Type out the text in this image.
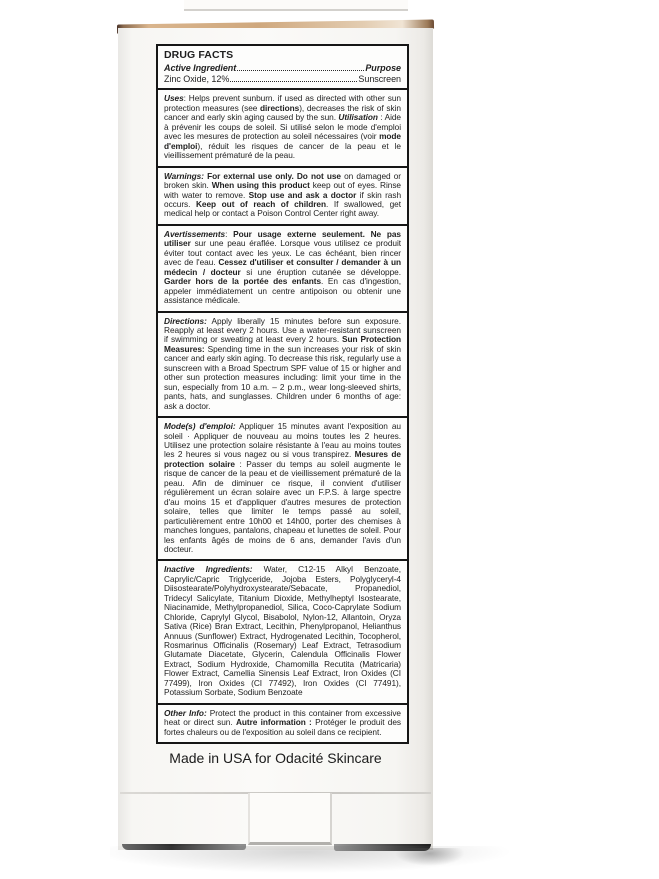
DRUG FACTS
Active Ingredient	Purpose
Zinc Oxide, 12%	Sunscreen
Uses: Helps prevent sunburn. if used as directed with other sun protection measures (see directions), decreases the risk of skin cancer and early skin aging caused by the sun. Utilisation : Aide à prévenir les coups de soleil. Si utilisé selon le mode d'emploi avec les mesures de protection au soleil nécessaires (voir mode d'emploi), réduit les risques de cancer de la peau et le vieillissement prématuré de la peau.
Warnings: For external use only. Do not use on damaged or broken skin. When using this product keep out of eyes. Rinse with water to remove. Stop use and ask a doctor if skin rash occurs. Keep out of reach of children. If swallowed, get medical help or contact a Poison Control Center right away.
Avertissements: Pour usage externe seulement. Ne pas utiliser sur une peau éraflée. Lorsque vous utilisez ce produit éviter tout contact avec les yeux. Le cas échéant, bien rincer avec de l'eau. Cessez d'utiliser et consulter / demander à un médecin / docteur si une éruption cutanée se développe. Garder hors de la portée des enfants. En cas d'ingestion, appeler immédiatement un centre antipoison ou obtenir une assistance médicale.
Directions: Apply liberally 15 minutes before sun exposure. Reapply at least every 2 hours. Use a water-resistant sunscreen if swimming or sweating at least every 2 hours. Sun Protection Measures: Spending time in the sun increases your risk of skin cancer and early skin aging. To decrease this risk, regularly use a sunscreen with a Broad Spectrum SPF value of 15 or higher and other sun protection measures including: limit your time in the sun, especially from 10 a.m. – 2 p.m., wear long-sleeved shirts, pants, hats, and sunglasses. Children under 6 months of age: ask a doctor.
Mode(s) d'emploi: Appliquer 15 minutes avant l'exposition au soleil · Appliquer de nouveau au moins toutes les 2 heures. Utilisez une protection solaire résistante à l'eau au moins toutes les 2 heures si vous nagez ou si vous transpirez. Mesures de protection solaire : Passer du temps au soleil augmente le risque de cancer de la peau et de vieillissement prématuré de la peau. Afin de diminuer ce risque, il convient d'utiliser régulièrement un écran solaire avec un F.P.S. à large spectre d'au moins 15 et d'appliquer d'autres mesures de protection solaire, telles que limiter le temps passé au soleil, particulièrement entre 10h00 et 14h00, porter des chemises à manches longues, pantalons, chapeau et lunettes de soleil. Pour les enfants âgés de moins de 6 ans, demander l'avis d'un docteur.
Inactive Ingredients: Water, C12-15 Alkyl Benzoate, Caprylic/Capric Triglyceride, Jojoba Esters, Polyglyceryl-4 Diisostearate/Polyhydroxystearate/Sebacate, Propanediol, Tridecyl Salicylate, Titanium Dioxide, Methylheptyl Isostearate, Niacinamide, Methylpropanediol, Silica, Coco-Caprylate Sodium Chloride, Caprylyl Glycol, Bisabolol, Nylon-12, Allantoin, Oryza Sativa (Rice) Bran Extract, Lecithin, Phenylpropanol, Helianthus Annuus (Sunflower) Extract, Hydrogenated Lecithin, Tocopherol, Rosmarinus Officinalis (Rosemary) Leaf Extract, Tetrasodium Glutamate Diacetate, Glycerin, Calendula Officinalis Flower Extract, Sodium Hydroxide, Chamomilla Recutita (Matricaria) Flower Extract, Camellia Sinensis Leaf Extract, Iron Oxides (CI 77499), Iron Oxides (CI 77492), Iron Oxides (CI 77491), Potassium Sorbate, Sodium Benzoate
Other Info: Protect the product in this container from excessive heat or direct sun. Autre information : Protéger le produit des fortes chaleurs ou de l'exposition au soleil dans ce recipient.
Made in USA for Odacité Skincare
